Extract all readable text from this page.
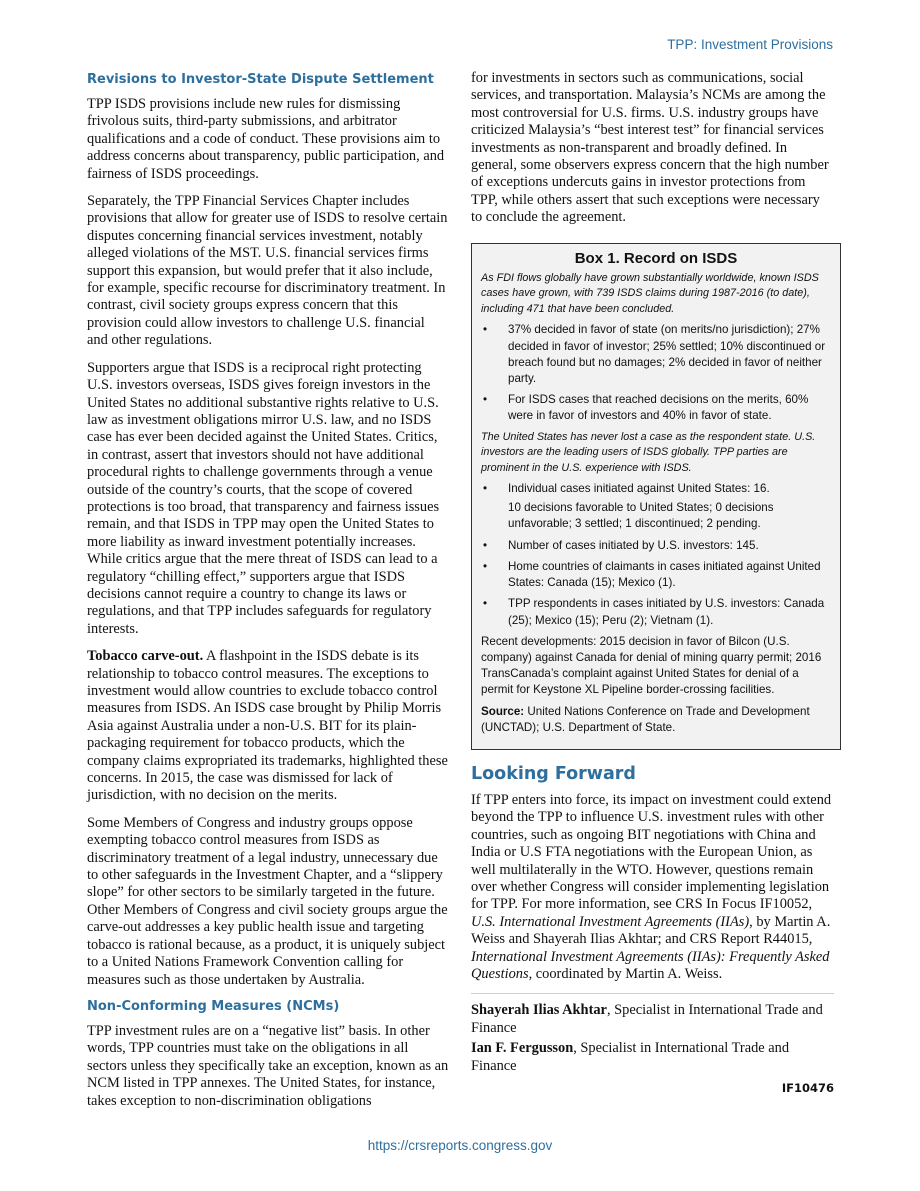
TPP: Investment Provisions
Revisions to Investor-State Dispute Settlement

TPP ISDS provisions include new rules for dismissing frivolous suits, third-party submissions, and arbitrator qualifications and a code of conduct. These provisions aim to address concerns about transparency, public participation, and fairness of ISDS proceedings.

Separately, the TPP Financial Services Chapter includes provisions that allow for greater use of ISDS to resolve certain disputes concerning financial services investment, notably alleged violations of the MST. U.S. financial services firms support this expansion, but would prefer that it also include, for example, specific recourse for discriminatory treatment. In contrast, civil society groups express concern that this provision could allow investors to challenge U.S. financial and other regulations.

Supporters argue that ISDS is a reciprocal right protecting U.S. investors overseas, ISDS gives foreign investors in the United States no additional substantive rights relative to U.S. law as investment obligations mirror U.S. law, and no ISDS case has ever been decided against the United States. Critics, in contrast, assert that investors should not have additional procedural rights to challenge governments through a venue outside of the country’s courts, that the scope of covered protections is too broad, that transparency and fairness issues remain, and that ISDS in TPP may open the United States to more liability as inward investment potentially increases. While critics argue that the mere threat of ISDS can lead to a regulatory “chilling effect,” supporters argue that ISDS decisions cannot require a country to change its laws or regulations, and that TPP includes safeguards for regulatory interests.

Tobacco carve-out. A flashpoint in the ISDS debate is its relationship to tobacco control measures. The exceptions to investment would allow countries to exclude tobacco control measures from ISDS. An ISDS case brought by Philip Morris Asia against Australia under a non-U.S. BIT for its plain-packaging requirement for tobacco products, which the company claims expropriated its trademarks, highlighted these concerns. In 2015, the case was dismissed for lack of jurisdiction, with no decision on the merits.

Some Members of Congress and industry groups oppose exempting tobacco control measures from ISDS as discriminatory treatment of a legal industry, unnecessary due to other safeguards in the Investment Chapter, and a “slippery slope” for other sectors to be similarly targeted in the future. Other Members of Congress and civil society groups argue the carve-out addresses a key public health issue and targeting tobacco is rational because, as a product, it is uniquely subject to a United Nations Framework Convention calling for measures such as those undertaken by Australia.

Non-Conforming Measures (NCMs)

TPP investment rules are on a “negative list” basis. In other words, TPP countries must take on the obligations in all sectors unless they specifically take an exception, known as an NCM listed in TPP annexes. The United States, for instance, takes exception to non-discrimination obligations

for investments in sectors such as communications, social services, and transportation. Malaysia’s NCMs are among the most controversial for U.S. firms. U.S. industry groups have criticized Malaysia’s “best interest test” for financial services investments as non-transparent and broadly defined. In general, some observers express concern that the high number of exceptions undercuts gains in investor protections from TPP, while others assert that such exceptions were necessary to conclude the agreement.

Box 1. Record on ISDS

As FDI flows globally have grown substantially worldwide, known ISDS cases have grown, with 739 ISDS claims during 1987-2016 (to date), including 471 that have been concluded.

• 37% decided in favor of state (on merits/no jurisdiction); 27% decided in favor of investor; 25% settled; 10% discontinued or breach found but no damages; 2% decided in favor of neither party.
• For ISDS cases that reached decisions on the merits, 60% were in favor of investors and 40% in favor of state.

The United States has never lost a case as the respondent state. U.S. investors are the leading users of ISDS globally. TPP parties are prominent in the U.S. experience with ISDS.

• Individual cases initiated against United States: 16.
10 decisions favorable to United States; 0 decisions unfavorable; 3 settled; 1 discontinued; 2 pending.
• Number of cases initiated by U.S. investors: 145.
• Home countries of claimants in cases initiated against United States: Canada (15); Mexico (1).
• TPP respondents in cases initiated by U.S. investors: Canada (25); Mexico (15); Peru (2); Vietnam (1).

Recent developments: 2015 decision in favor of Bilcon (U.S. company) against Canada for denial of mining quarry permit; 2016 TransCanada’s complaint against United States for denial of a permit for Keystone XL Pipeline border-crossing facilities.

Source: United Nations Conference on Trade and Development (UNCTAD); U.S. Department of State.

Looking Forward

If TPP enters into force, its impact on investment could extend beyond the TPP to influence U.S. investment rules with other countries, such as ongoing BIT negotiations with China and India or U.S FTA negotiations with the European Union, as well multilaterally in the WTO. However, questions remain over whether Congress will consider implementing legislation for TPP. For more information, see CRS In Focus IF10052, U.S. International Investment Agreements (IIAs), by Martin A. Weiss and Shayerah Ilias Akhtar; and CRS Report R44015, International Investment Agreements (IIAs): Frequently Asked Questions, coordinated by Martin A. Weiss.

Shayerah Ilias Akhtar, Specialist in International Trade and Finance

Ian F. Fergusson, Specialist in International Trade and Finance

IF10476
https://crsreports.congress.gov
